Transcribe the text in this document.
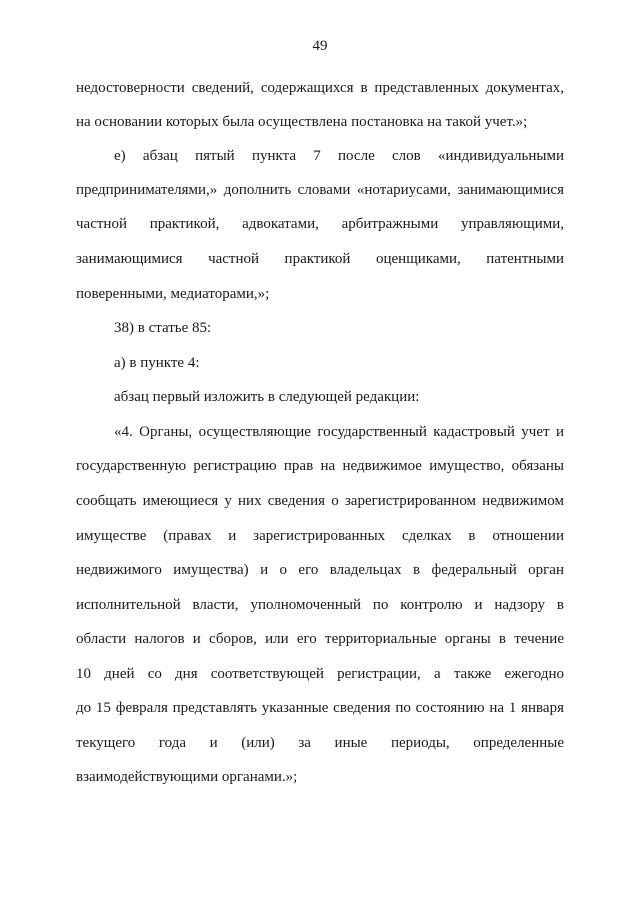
49
недостоверности сведений, содержащихся в представленных документах,
на основании которых была осуществлена постановка на такой учет.»;
е) абзац пятый пункта 7 после слов «индивидуальными
предпринимателями,» дополнить словами «нотариусами, занимающимися
частной практикой, адвокатами, арбитражными управляющими,
занимающимися частной практикой оценщиками, патентными
поверенными, медиаторами,»;
38) в статье 85:
а) в пункте 4:
абзац первый изложить в следующей редакции:
«4. Органы, осуществляющие государственный кадастровый учет и
государственную регистрацию прав на недвижимое имущество, обязаны
сообщать имеющиеся у них сведения о зарегистрированном недвижимом
имуществе (правах и зарегистрированных сделках в отношении
недвижимого имущества) и о его владельцах в федеральный орган
исполнительной власти, уполномоченный по контролю и надзору в
области налогов и сборов, или его территориальные органы в течение
10 дней со дня соответствующей регистрации, а также ежегодно
до 15 февраля представлять указанные сведения по состоянию на 1 января
текущего года и (или) за иные периоды, определенные
взаимодействующими органами.»;
